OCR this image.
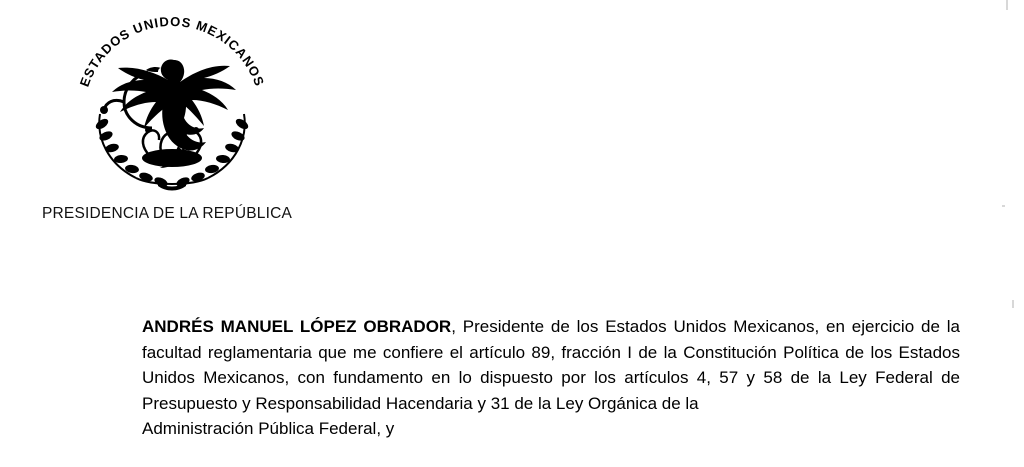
ESTADOS UNIDOS MEXICANOS
PRESIDENCIA DE LA REPÚBLICA

ANDRÉS MANUEL LÓPEZ OBRADOR, Presidente de los Estados Unidos Mexicanos, en ejercicio de la facultad reglamentaria que me confiere el artículo 89, fracción I de la Constitución Política de los Estados Unidos Mexicanos, con fundamento en lo dispuesto por los artículos 4, 57 y 58 de la Ley Federal de Presupuesto y Responsabilidad Hacendaria y 31 de la Ley Orgánica de la
Administración Pública Federal, y
